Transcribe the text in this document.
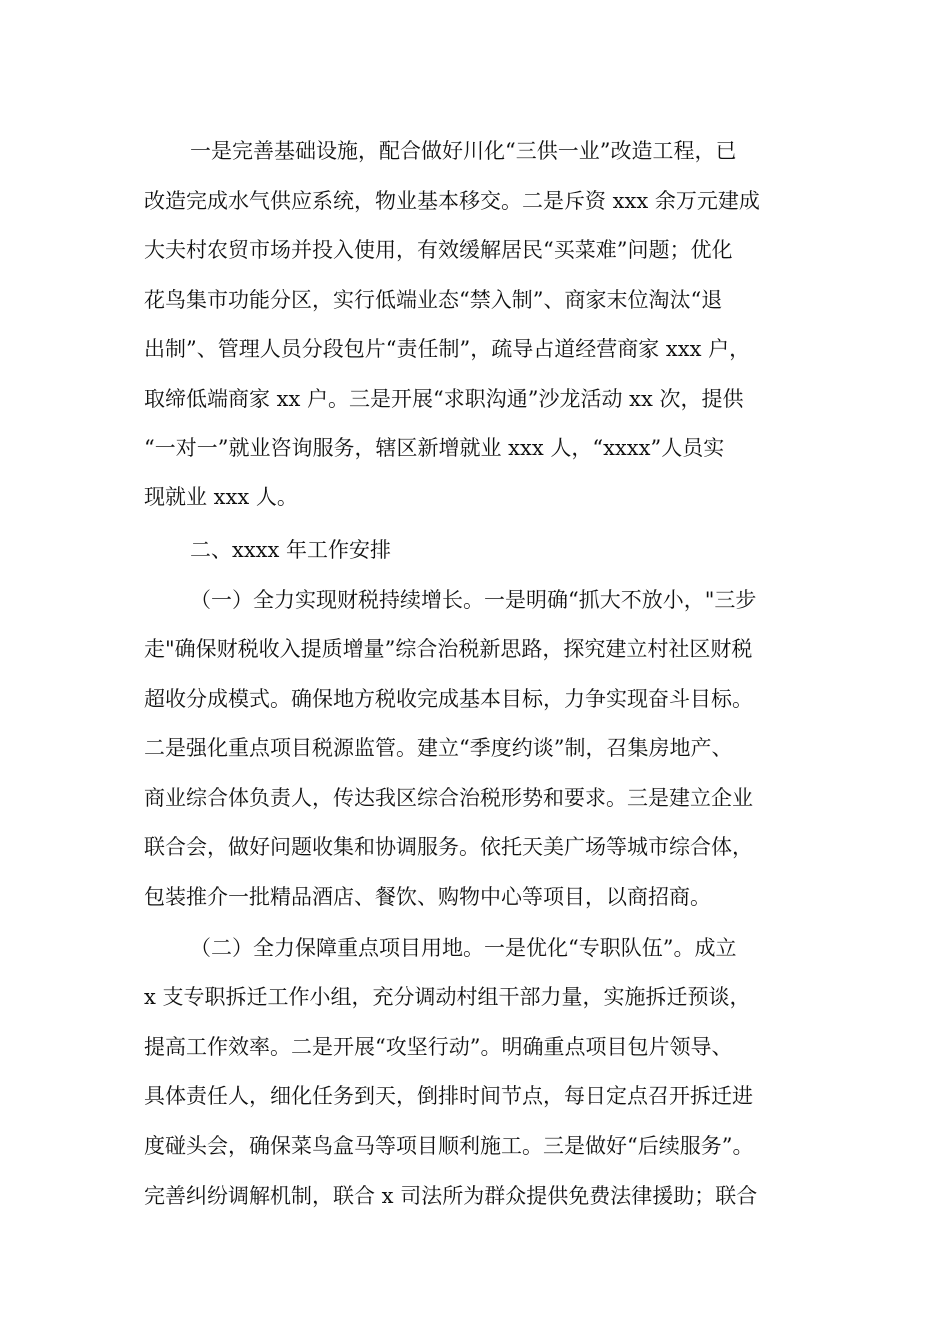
一是完善基础设施，配合做好川化“三供一业”改造工程，已
改造完成水气供应系统，物业基本移交。二是斥资 xxx 余万元建成
大夫村农贸市场并投入使用，有效缓解居民“买菜难”问题；优化
花鸟集市功能分区，实行低端业态“禁入制”、商家末位淘汰“退
出制”、管理人员分段包片“责任制”，疏导占道经营商家 xxx 户，
取缔低端商家 xx 户。三是开展“求职沟通”沙龙活动 xx 次，提供
“一对一”就业咨询服务，辖区新增就业 xxx 人，“xxxx”人员实
现就业 xxx 人。
二、xxxx 年工作安排
（一）全力实现财税持续增长。一是明确“抓大不放小，"三步
走"确保财税收入提质增量”综合治税新思路，探究建立村社区财税
超收分成模式。确保地方税收完成基本目标，力争实现奋斗目标。
二是强化重点项目税源监管。建立“季度约谈”制，召集房地产、
商业综合体负责人，传达我区综合治税形势和要求。三是建立企业
联合会，做好问题收集和协调服务。依托天美广场等城市综合体，
包装推介一批精品酒店、餐饮、购物中心等项目，以商招商。
（二）全力保障重点项目用地。一是优化“专职队伍”。成立
x 支专职拆迁工作小组，充分调动村组干部力量，实施拆迁预谈，
提高工作效率。二是开展“攻坚行动”。明确重点项目包片领导、
具体责任人，细化任务到天，倒排时间节点，每日定点召开拆迁进
度碰头会，确保菜鸟盒马等项目顺利施工。三是做好“后续服务”。
完善纠纷调解机制，联合 x 司法所为群众提供免费法律援助；联合
